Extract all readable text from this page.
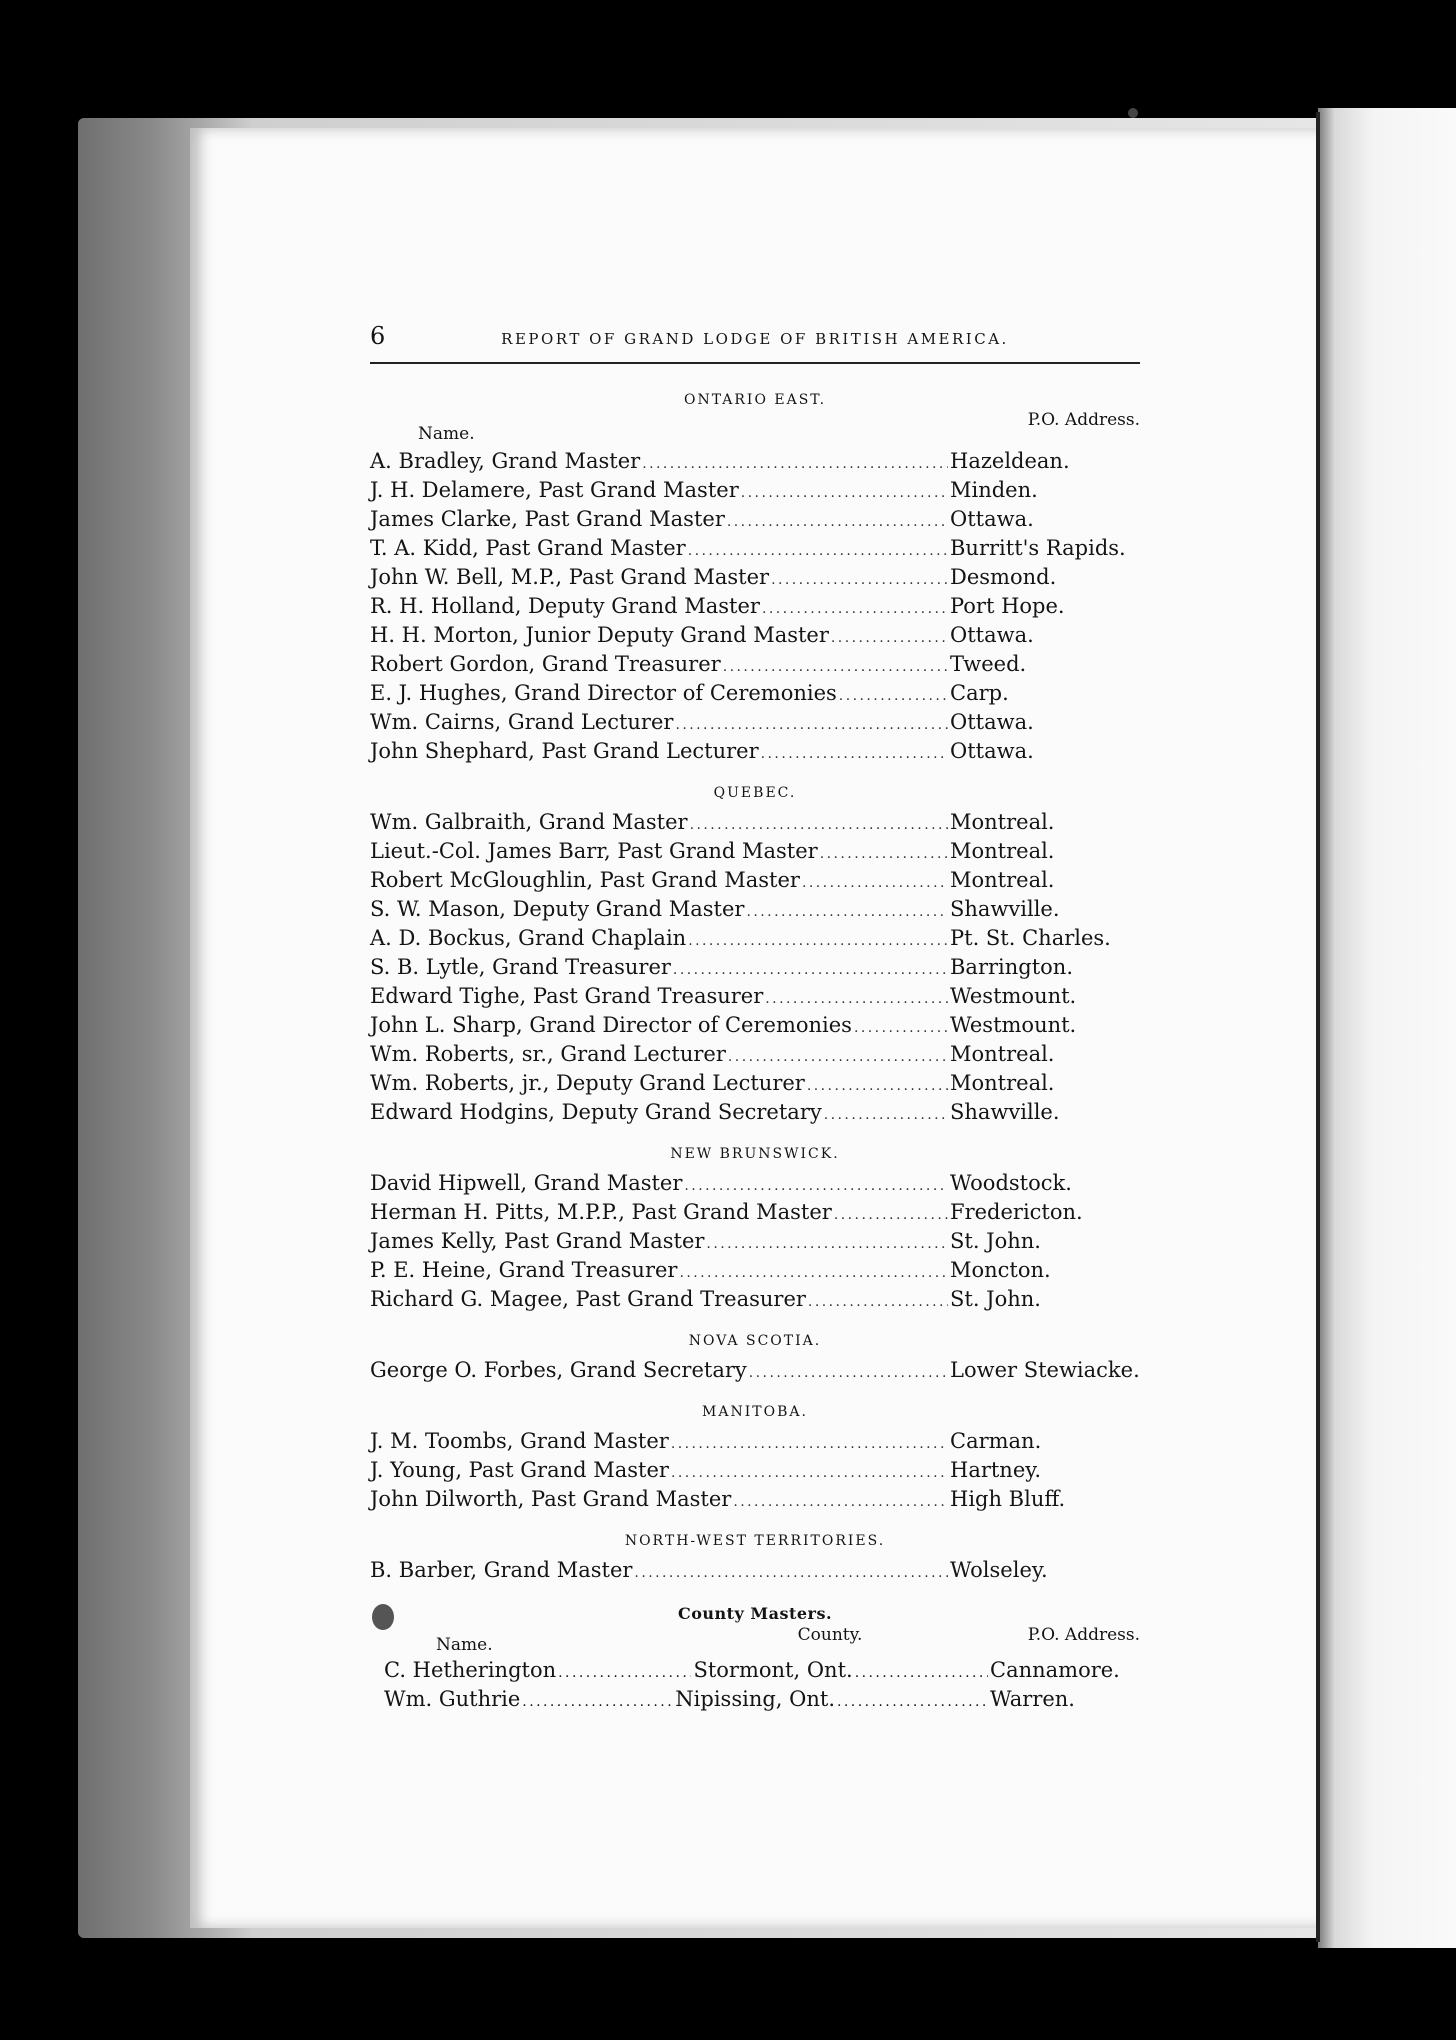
6	REPORT OF GRAND LODGE OF BRITISH AMERICA.
ONTARIO EAST.
Name.
P.O. Address.
A. Bradley, Grand Master . . .	Hazeldean.
J. H. Delamere, Past Grand Master . . .	Minden.
James Clarke, Past Grand Master . . .	Ottawa.
T. A. Kidd, Past Grand Master . . .	Burritt's Rapids.
John W. Bell, M.P., Past Grand Master . . .	Desmond.
R. H. Holland, Deputy Grand Master . . .	Port Hope.
H. H. Morton, Junior Deputy Grand Master . . .	Ottawa.
Robert Gordon, Grand Treasurer . . .	Tweed.
E. J. Hughes, Grand Director of Ceremonies . . .	Carp.
Wm. Cairns, Grand Lecturer . . .	Ottawa.
John Shephard, Past Grand Lecturer . . .	Ottawa.
QUEBEC.
Wm. Galbraith, Grand Master . . .	Montreal.
Lieut.-Col. James Barr, Past Grand Master . . .	Montreal.
Robert McGloughlin, Past Grand Master . . .	Montreal.
S. W. Mason, Deputy Grand Master . . .	Shawville.
A. D. Bockus, Grand Chaplain . . .	Pt. St. Charles.
S. B. Lytle, Grand Treasurer . . .	Barrington.
Edward Tighe, Past Grand Treasurer . . .	Westmount.
John L. Sharp, Grand Director of Ceremonies . . .	Westmount.
Wm. Roberts, sr., Grand Lecturer . . .	Montreal.
Wm. Roberts, jr., Deputy Grand Lecturer . . .	Montreal.
Edward Hodgins, Deputy Grand Secretary . . .	Shawville.
NEW BRUNSWICK.
David Hipwell, Grand Master . . .	Woodstock.
Herman H. Pitts, M.P.P., Past Grand Master . . .	Fredericton.
James Kelly, Past Grand Master . . .	St. John.
P. E. Heine, Grand Treasurer . . .	Moncton.
Richard G. Magee, Past Grand Treasurer . . .	St. John.
NOVA SCOTIA.
George O. Forbes, Grand Secretary . . .	Lower Stewiacke.
MANITOBA.
J. M. Toombs, Grand Master . . .	Carman.
J. Young, Past Grand Master . . .	Hartney.
John Dilworth, Past Grand Master . . .	High Bluff.
NORTH-WEST TERRITORIES.
B. Barber, Grand Master . . .	Wolseley.
County Masters.
Name.	County.	P.O. Address.
C. Hetherington . . .	Stormont, Ont. . . .	Cannamore.
Wm. Guthrie . . .	Nipissing, Ont. . . .	Warren.
